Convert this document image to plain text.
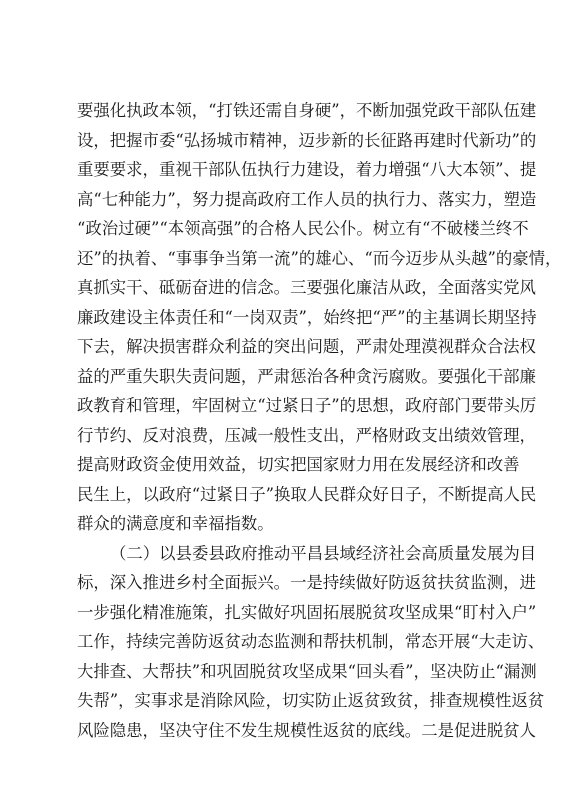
要强化执政本领，“打铁还需自身硬”，不断加强党政干部队伍建
设，把握市委“弘扬城市精神，迈步新的长征路再建时代新功”的
重要要求，重视干部队伍执行力建设，着力增强“八大本领”、提
高“七种能力”，努力提高政府工作人员的执行力、落实力，塑造
“政治过硬”“本领高强”的合格人民公仆。树立有“不破楼兰终不
还”的执着、“事事争当第一流”的雄心、“而今迈步从头越”的豪情，
真抓实干、砥砺奋进的信念。三要强化廉洁从政，全面落实党风
廉政建设主体责任和“一岗双责”，始终把“严”的主基调长期坚持
下去，解决损害群众利益的突出问题，严肃处理漠视群众合法权
益的严重失职失责问题，严肃惩治各种贪污腐败。要强化干部廉
政教育和管理，牢固树立“过紧日子”的思想，政府部门要带头厉
行节约、反对浪费，压减一般性支出，严格财政支出绩效管理，
提高财政资金使用效益，切实把国家财力用在发展经济和改善
民生上，以政府“过紧日子”换取人民群众好日子，不断提高人民
群众的满意度和幸福指数。
（二）以县委县政府推动平昌县域经济社会高质量发展为目
标，深入推进乡村全面振兴。一是持续做好防返贫扶贫监测，进
一步强化精准施策，扎实做好巩固拓展脱贫攻坚成果“盯村入户”
工作，持续完善防返贫动态监测和帮扶机制，常态开展“大走访、
大排查、大帮扶”和巩固脱贫攻坚成果“回头看”，坚决防止“漏测
失帮”，实事求是消除风险，切实防止返贫致贫，排查规模性返贫
风险隐患，坚决守住不发生规模性返贫的底线。二是促进脱贫人
